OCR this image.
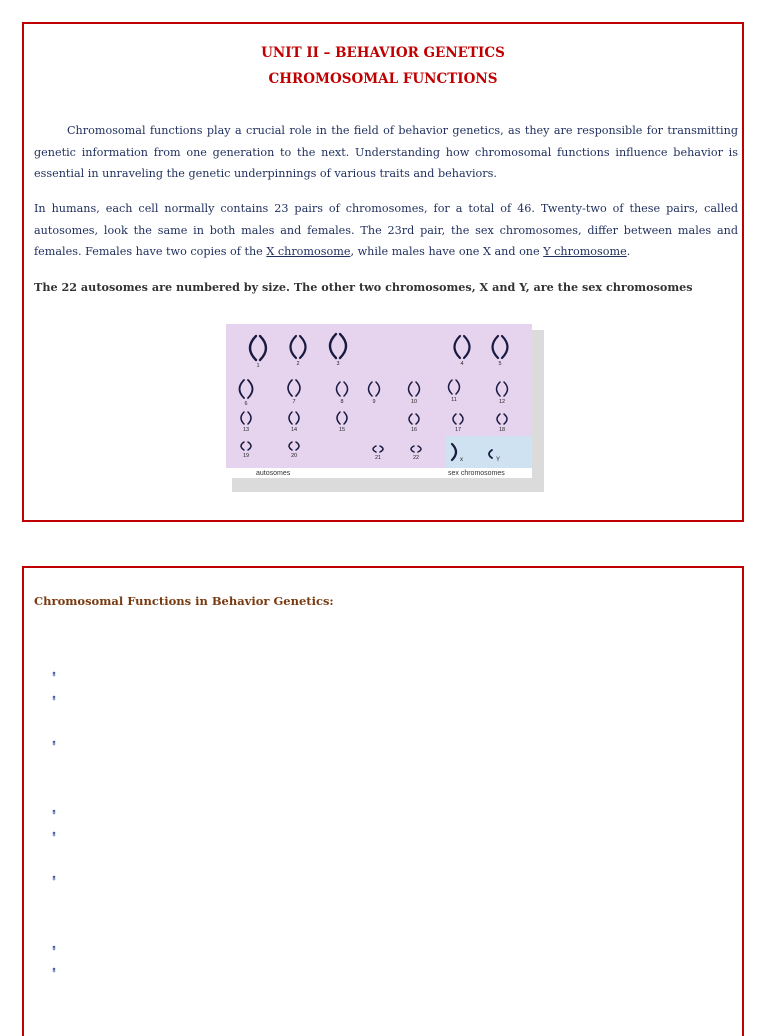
UNIT II – BEHAVIOR GENETICS
CHROMOSOMAL FUNCTIONS
Chromosomal functions play a crucial role in the field of behavior genetics, as they are responsible for transmitting genetic information from one generation to the next. Understanding how chromosomal functions influence behavior is essential in unraveling the genetic underpinnings of various traits and behaviors.
In humans, each cell normally contains 23 pairs of chromosomes, for a total of 46. Twenty-two of these pairs, called autosomes, look the same in both males and females. The 23rd pair, the sex chromosomes, differ between males and females. Females have two copies of the X chromosome, while males have one X and one Y chromosome.
The 22 autosomes are numbered by size. The other two chromosomes, X and Y, are the sex chromosomes
1	2	3	4	5
6	7	8	9	10	11	12
13	14	15	16	17	18
19	20	21	22	x	Y
autosomes	sex chromosomes
Chromosomal Functions in Behavior Genetics:
